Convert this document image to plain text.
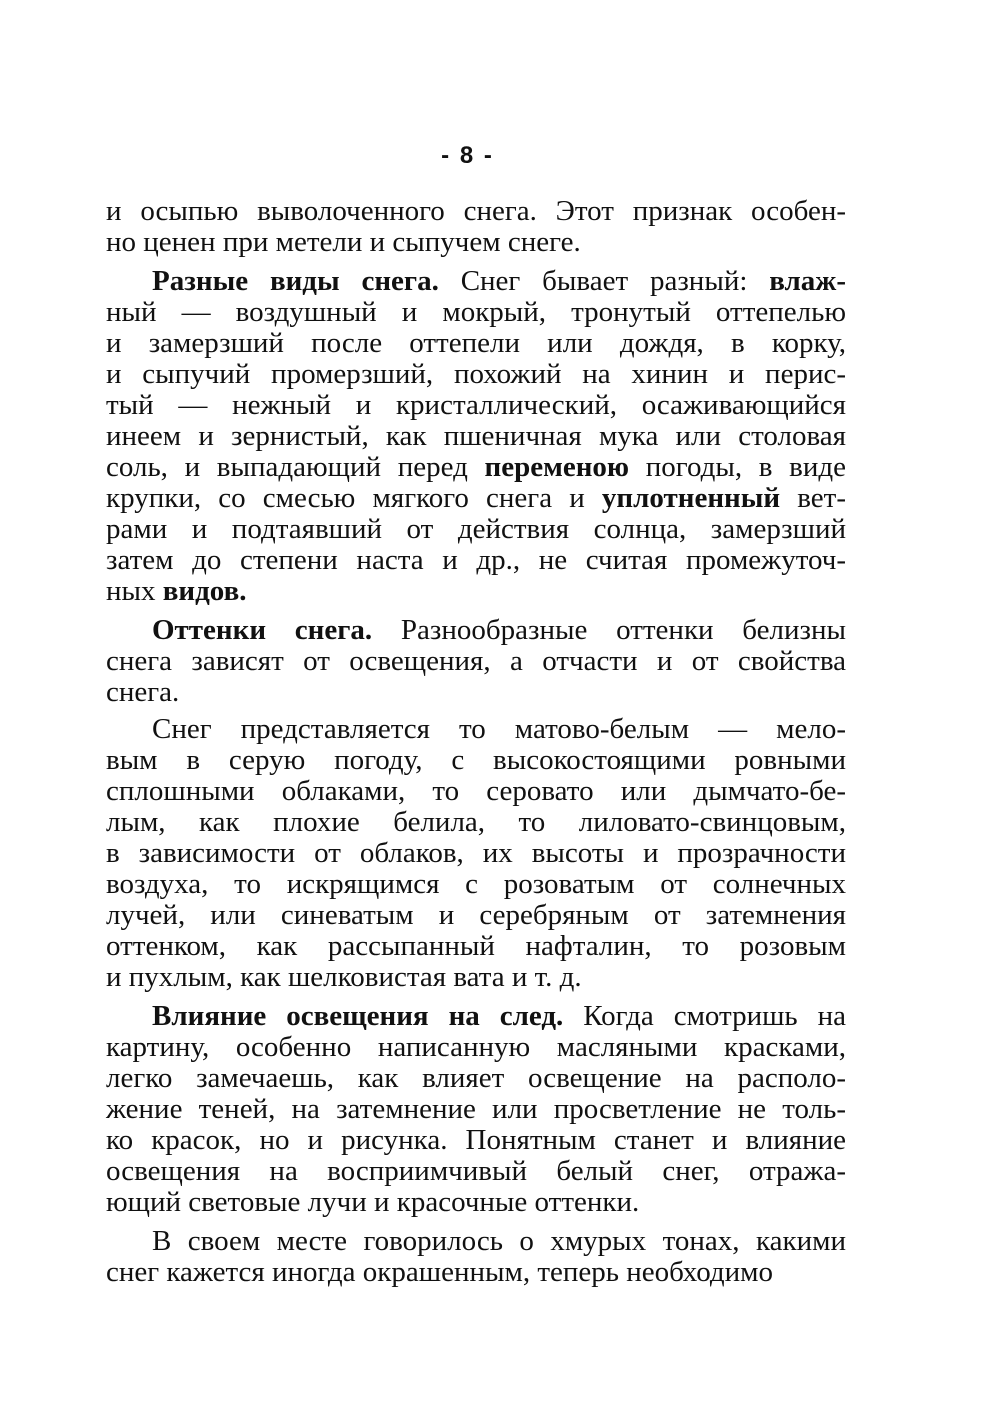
- 8 -
и осыпью выволоченного снега. Этот признак особен-
но ценен при метели и сыпучем снеге.
Разные виды снега. Снег бывает разный: влаж-
ный — воздушный и мокрый, тронутый оттепелью
и замерзший после оттепели или дождя, в корку,
и сыпучий промерзший, похожий на хинин и перис-
тый — нежный и кристаллический, осаживающийся
инеем и зернистый, как пшеничная мука или столовая
соль, и выпадающий перед переменою погоды, в виде
крупки, со смесью мягкого снега и уплотненный вет-
рами и подтаявший от действия солнца, замерзший
затем до степени наста и др., не считая промежуточ-
ных видов.
Оттенки снега. Разнообразные оттенки белизны
снега зависят от освещения, а отчасти и от свойства
снега.
Снег представляется то матово-белым — мело-
вым в серую погоду, с высокостоящими ровными
сплошными облаками, то серовато или дымчато-бе-
лым, как плохие белила, то лиловато-свинцовым,
в зависимости от облаков, их высоты и прозрачности
воздуха, то искрящимся с розоватым от солнечных
лучей, или синеватым и серебряным от затемнения
оттенком, как рассыпанный нафталин, то розовым
и пухлым, как шелковистая вата и т. д.
Влияние освещения на след. Когда смотришь на
картину, особенно написанную масляными красками,
легко замечаешь, как влияет освещение на располо-
жение теней, на затемнение или просветление не толь-
ко красок, но и рисунка. Понятным станет и влияние
освещения на восприимчивый белый снег, отража-
ющий световые лучи и красочные оттенки.
В своем месте говорилось о хмурых тонах, какими
снег кажется иногда окрашенным, теперь необходимо
